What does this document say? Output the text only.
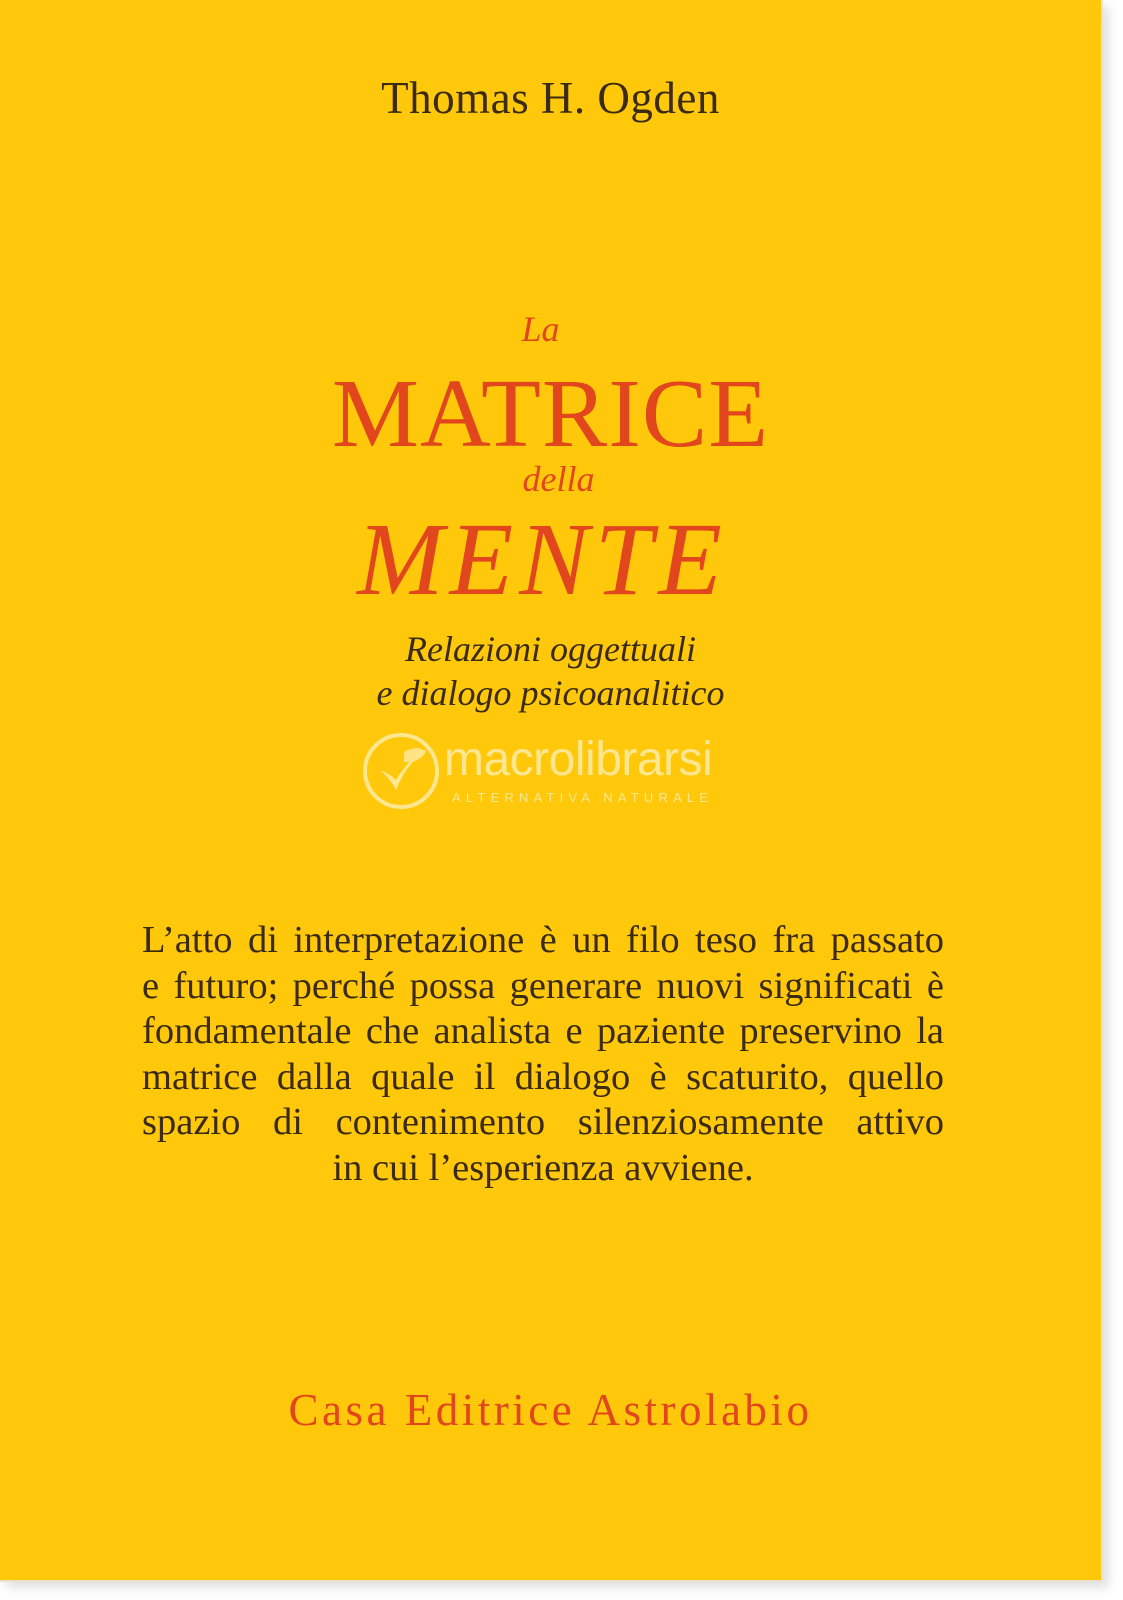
Thomas H. Ogden
La
MATRICE
della
MENTE
Relazioni oggettuali
e dialogo psicoanalitico
macrolibrarsi
ALTERNATIVA NATURALE
L’atto di interpretazione è un filo teso fra passato
e futuro; perché possa generare nuovi significati è
fondamentale che analista e paziente preservino la
matrice dalla quale il dialogo è scaturito, quello
spazio di contenimento silenziosamente attivo
in cui l’esperienza avviene.
Casa Editrice Astrolabio
